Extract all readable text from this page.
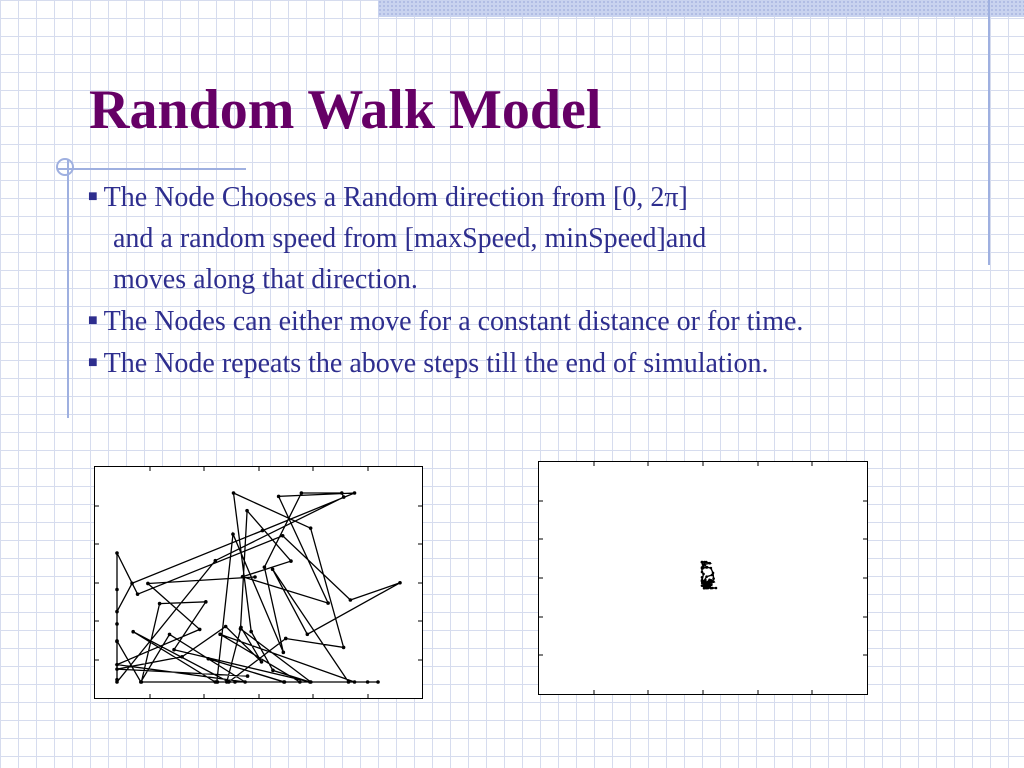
Random Walk Model
■ The Node Chooses a Random direction from [0, 2π]
and a random speed from [maxSpeed, minSpeed]and
moves along that direction.
■ The Nodes can either move for a constant distance or for time.
■ The Node repeats the above steps till the end of simulation.
